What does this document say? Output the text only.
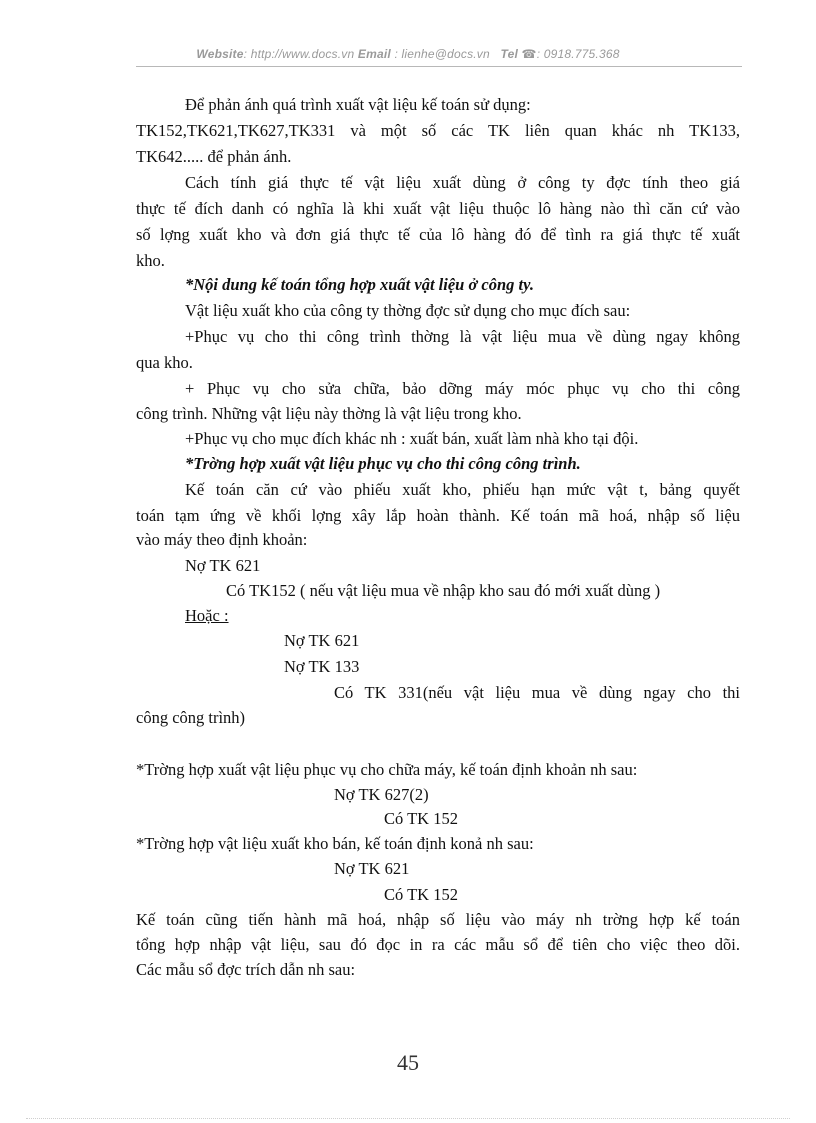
Website: http://www.docs.vn Email : lienhe@docs.vn Tel ☎: 0918.775.368
Để phản ánh quá trình xuất vật liệu kế toán sử dụng:
TK152,TK621,TK627,TK331 và một số các TK liên quan khác nh TK133,
TK642..... để phản ánh.
Cách tính giá thực tế vật liệu xuất dùng ở công ty đợc tính theo giá
thực tế đích danh có nghĩa là khi xuất vật liệu thuộc lô hàng nào thì căn cứ vào
số lợng xuất kho và đơn giá thực tế của lô hàng đó để tình ra giá thực tế xuất
kho.
*Nội dung kế toán tổng hợp xuất vật liệu ở công ty.
Vật liệu xuất kho của công ty thờng đợc sử dụng cho mục đích sau:
+Phục vụ cho thi công trình thờng là vật liệu mua về dùng ngay không
qua kho.
+ Phục vụ cho sửa chữa, bảo dỡng máy móc phục vụ cho thi công
công trình. Những vật liệu này thờng là vật liệu trong kho.
+Phục vụ cho mục đích khác nh : xuất bán, xuất làm nhà kho tại đội.
*Trờng hợp xuất vật liệu phục vụ cho thi công công trình.
Kế toán căn cứ vào phiếu xuất kho, phiếu hạn mức vật t, bảng quyết
toán tạm ứng về khối lợng xây lắp hoàn thành. Kế toán mã hoá, nhập số liệu
vào máy theo định khoản:
Nợ TK 621
Có TK152 ( nếu vật liệu mua về nhập kho sau đó mới xuất dùng )
Hoặc :
Nợ TK 621
Nợ TK 133
Có TK 331(nếu vật liệu mua về dùng ngay cho thi
công công trình)
*Trờng hợp xuất vật liệu phục vụ cho chữa máy, kế toán định khoản nh sau:
Nợ TK 627(2)
Có TK 152
*Trờng hợp vật liệu xuất kho bán, kế toán định konả nh sau:
Nợ TK 621
Có TK 152
Kế toán cũng tiến hành mã hoá, nhập số liệu vào máy nh trờng hợp kế toán
tổng hợp nhập vật liệu, sau đó đọc in ra các mẫu sổ để tiên cho việc theo dõi.
Các mẫu sổ đợc trích dẫn nh sau:
45
